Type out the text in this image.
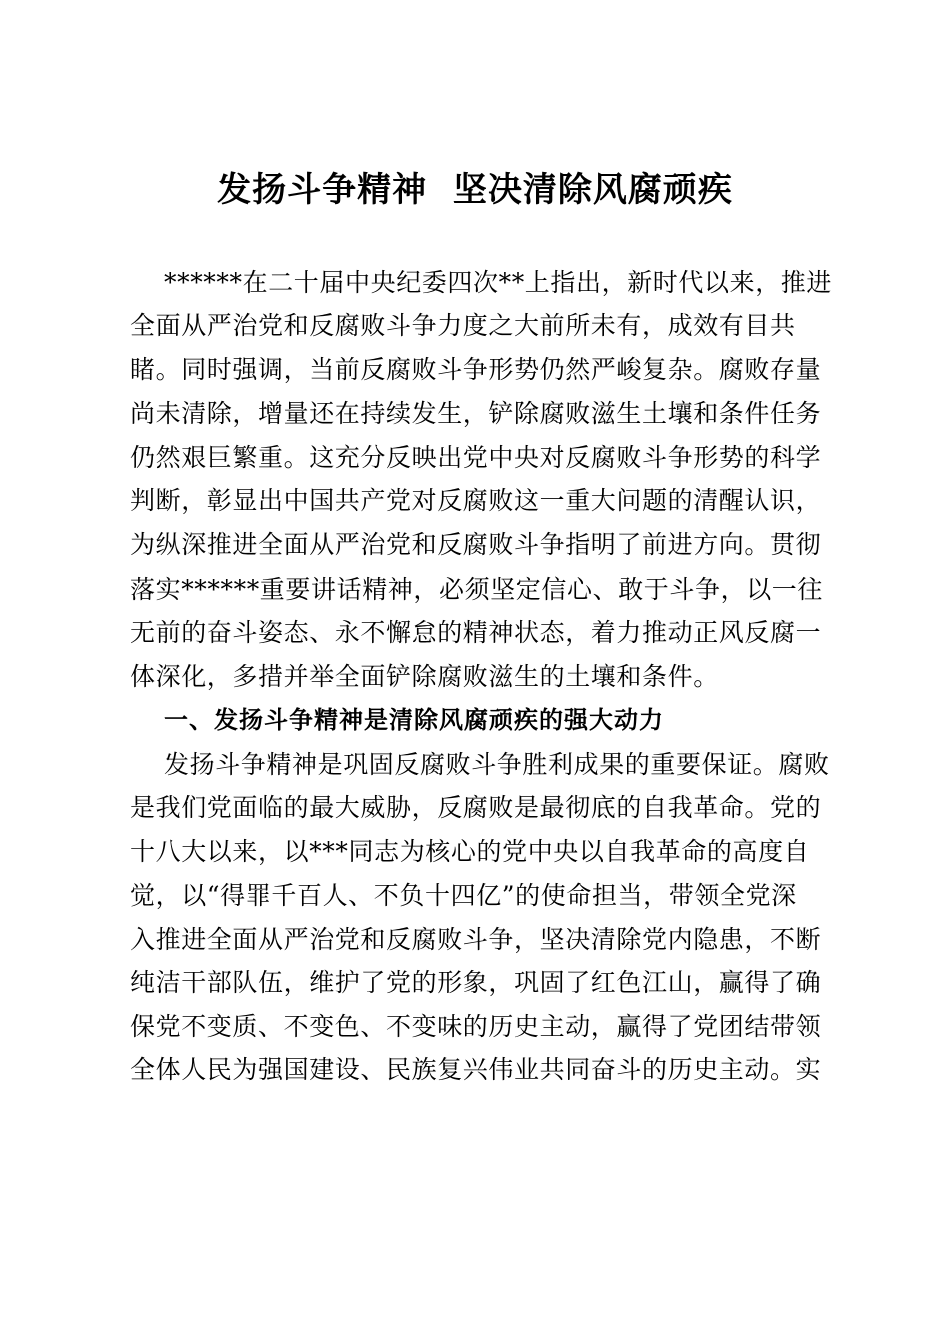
发扬斗争精神  坚决清除风腐顽疾
******在二十届中央纪委四次**上指出，新时代以来，推进
全面从严治党和反腐败斗争力度之大前所未有，成效有目共
睹。同时强调，当前反腐败斗争形势仍然严峻复杂。腐败存量
尚未清除，增量还在持续发生，铲除腐败滋生土壤和条件任务
仍然艰巨繁重。这充分反映出党中央对反腐败斗争形势的科学
判断，彰显出中国共产党对反腐败这一重大问题的清醒认识，
为纵深推进全面从严治党和反腐败斗争指明了前进方向。贯彻
落实******重要讲话精神，必须坚定信心、敢于斗争，以一往
无前的奋斗姿态、永不懈怠的精神状态，着力推动正风反腐一
体深化，多措并举全面铲除腐败滋生的土壤和条件。
一、发扬斗争精神是清除风腐顽疾的强大动力
发扬斗争精神是巩固反腐败斗争胜利成果的重要保证。腐败
是我们党面临的最大威胁，反腐败是最彻底的自我革命。党的
十八大以来，以***同志为核心的党中央以自我革命的高度自
觉，以“得罪千百人、不负十四亿”的使命担当，带领全党深
入推进全面从严治党和反腐败斗争，坚决清除党内隐患，不断
纯洁干部队伍，维护了党的形象，巩固了红色江山，赢得了确
保党不变质、不变色、不变味的历史主动，赢得了党团结带领
全体人民为强国建设、民族复兴伟业共同奋斗的历史主动。实
